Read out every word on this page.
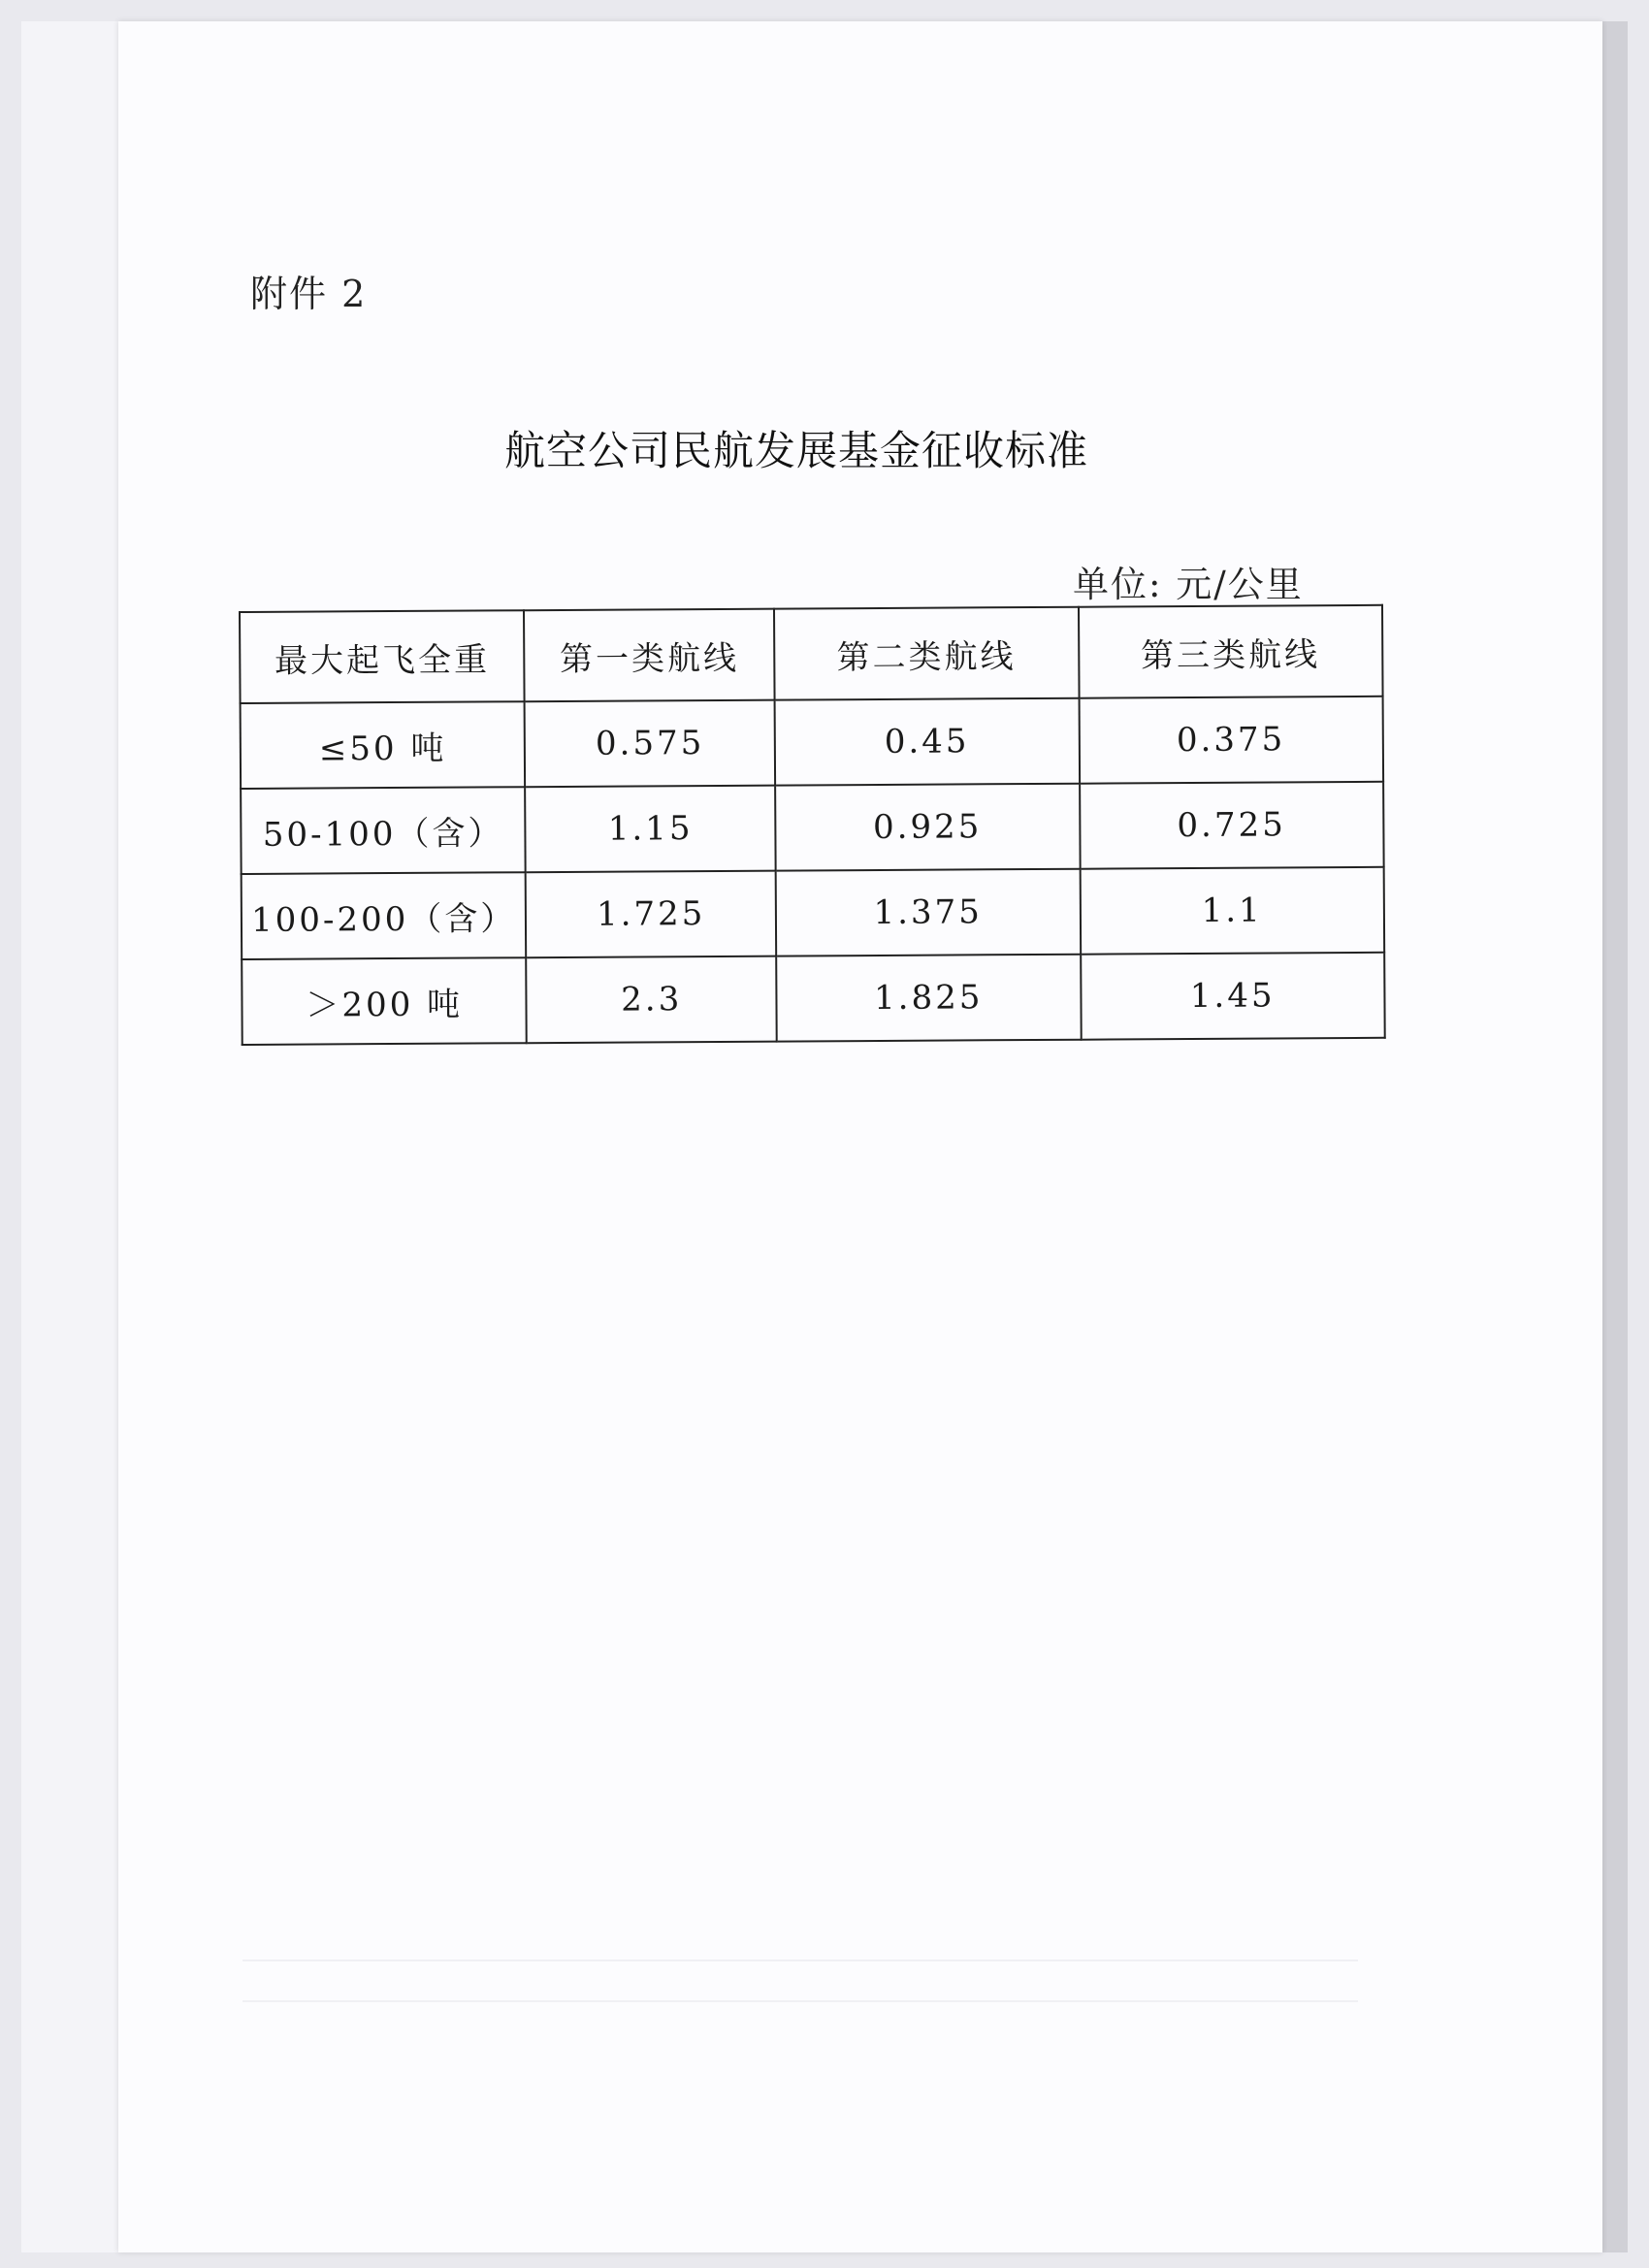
附件 2
航空公司民航发展基金征收标准
单位: 元/公里
最大起飞全重	第一类航线	第二类航线	第三类航线
≤50 吨	0.575	0.45	0.375
50-100（含）	1.15	0.925	0.725
100-200（含）	1.725	1.375	1.1
＞200 吨	2.3	1.825	1.45
